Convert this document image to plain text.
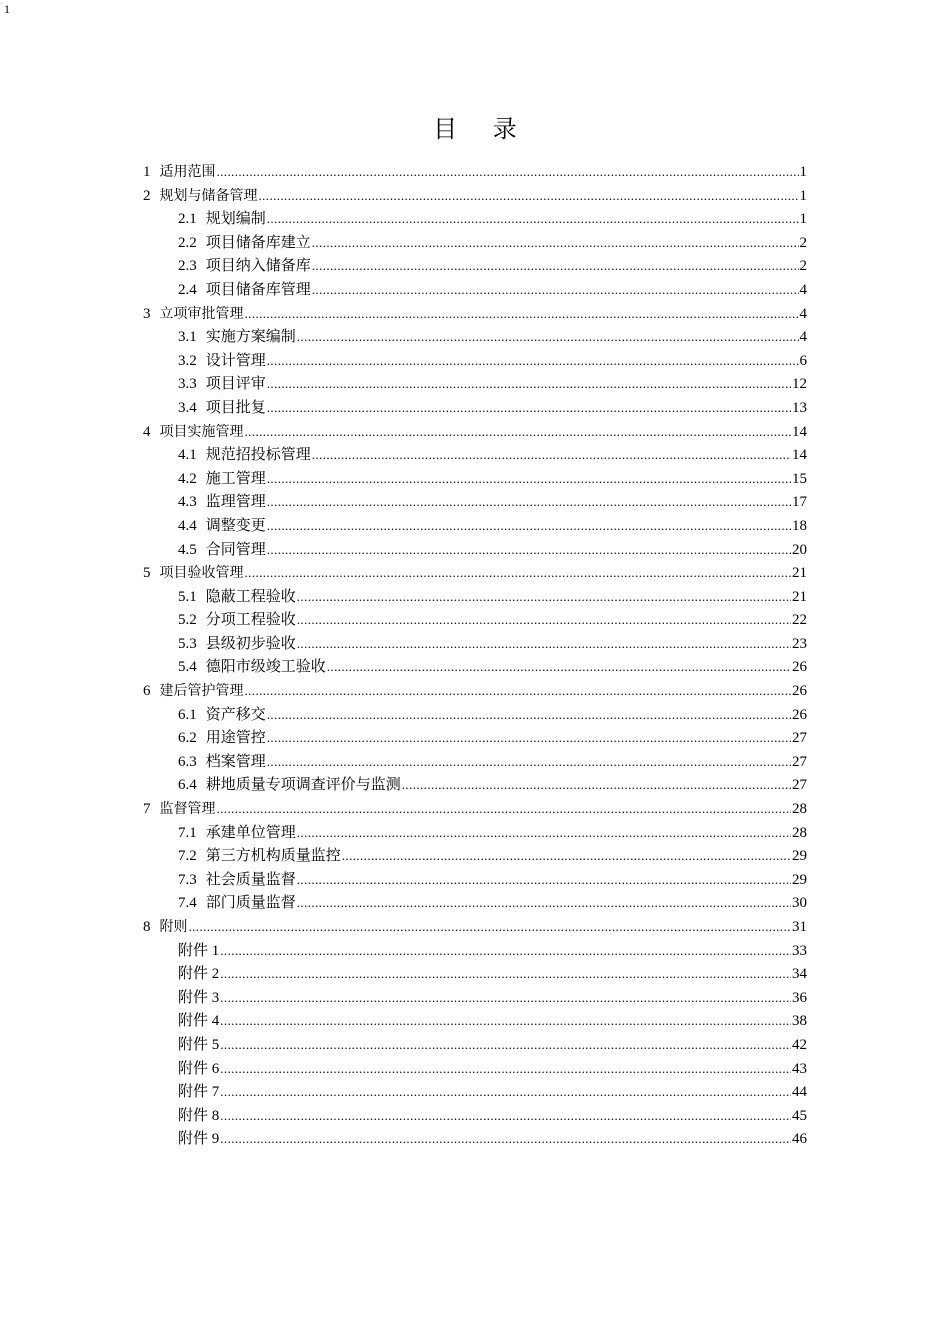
1
目 录
1 适用范围 .....	1
2 规划与储备管理 .....	1
2.1 规划编制 .....	1
2.2 项目储备库建立 .....	2
2.3 项目纳入储备库 .....	2
2.4 项目储备库管理 .....	4
3 立项审批管理 .....	4
3.1 实施方案编制 .....	4
3.2 设计管理 .....	6
3.3 项目评审 .....	12
3.4 项目批复 .....	13
4 项目实施管理 .....	14
4.1 规范招投标管理 .....	14
4.2 施工管理 .....	15
4.3 监理管理 .....	17
4.4 调整变更 .....	18
4.5 合同管理 .....	20
5 项目验收管理 .....	21
5.1 隐蔽工程验收 .....	21
5.2 分项工程验收 .....	22
5.3 县级初步验收 .....	23
5.4 德阳市级竣工验收 .....	26
6 建后管护管理 .....	26
6.1 资产移交 .....	26
6.2 用途管控 .....	27
6.3 档案管理 .....	27
6.4 耕地质量专项调查评价与监测 .....	27
7 监督管理 .....	28
7.1 承建单位管理 .....	28
7.2 第三方机构质量监控 .....	29
7.3 社会质量监督 .....	29
7.4 部门质量监督 .....	30
8 附则 .....	31
附件 1 .....	33
附件 2 .....	34
附件 3 .....	36
附件 4 .....	38
附件 5 .....	42
附件 6 .....	43
附件 7 .....	44
附件 8 .....	45
附件 9 .....	46
